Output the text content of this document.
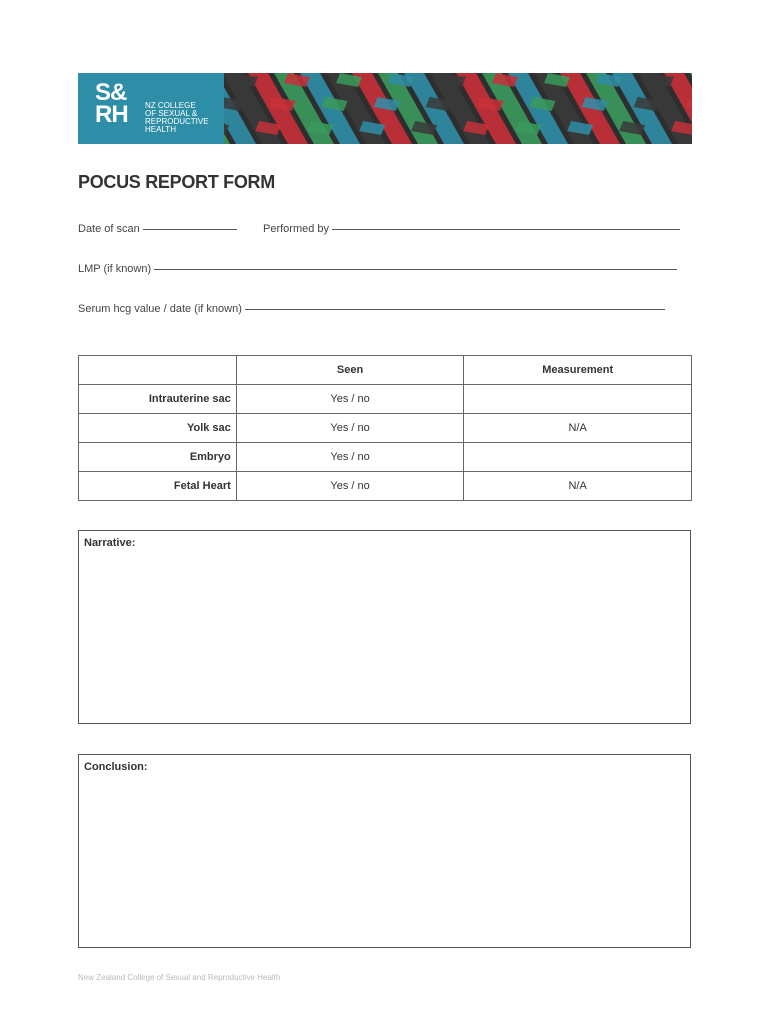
S&
RH	NZ COLLEGE
OF SEXUAL &
REPRODUCTIVE
HEALTH
POCUS REPORT FORM
Date of scan	Performed by
LMP (if known)
Serum hcg value / date (if known)
	Seen	Measurement
Intrauterine sac	Yes / no	
Yolk sac	Yes / no	N/A
Embryo	Yes / no	
Fetal Heart	Yes / no	N/A
Narrative:
Conclusion:
New Zealand College of Sexual and Reproductive Health
